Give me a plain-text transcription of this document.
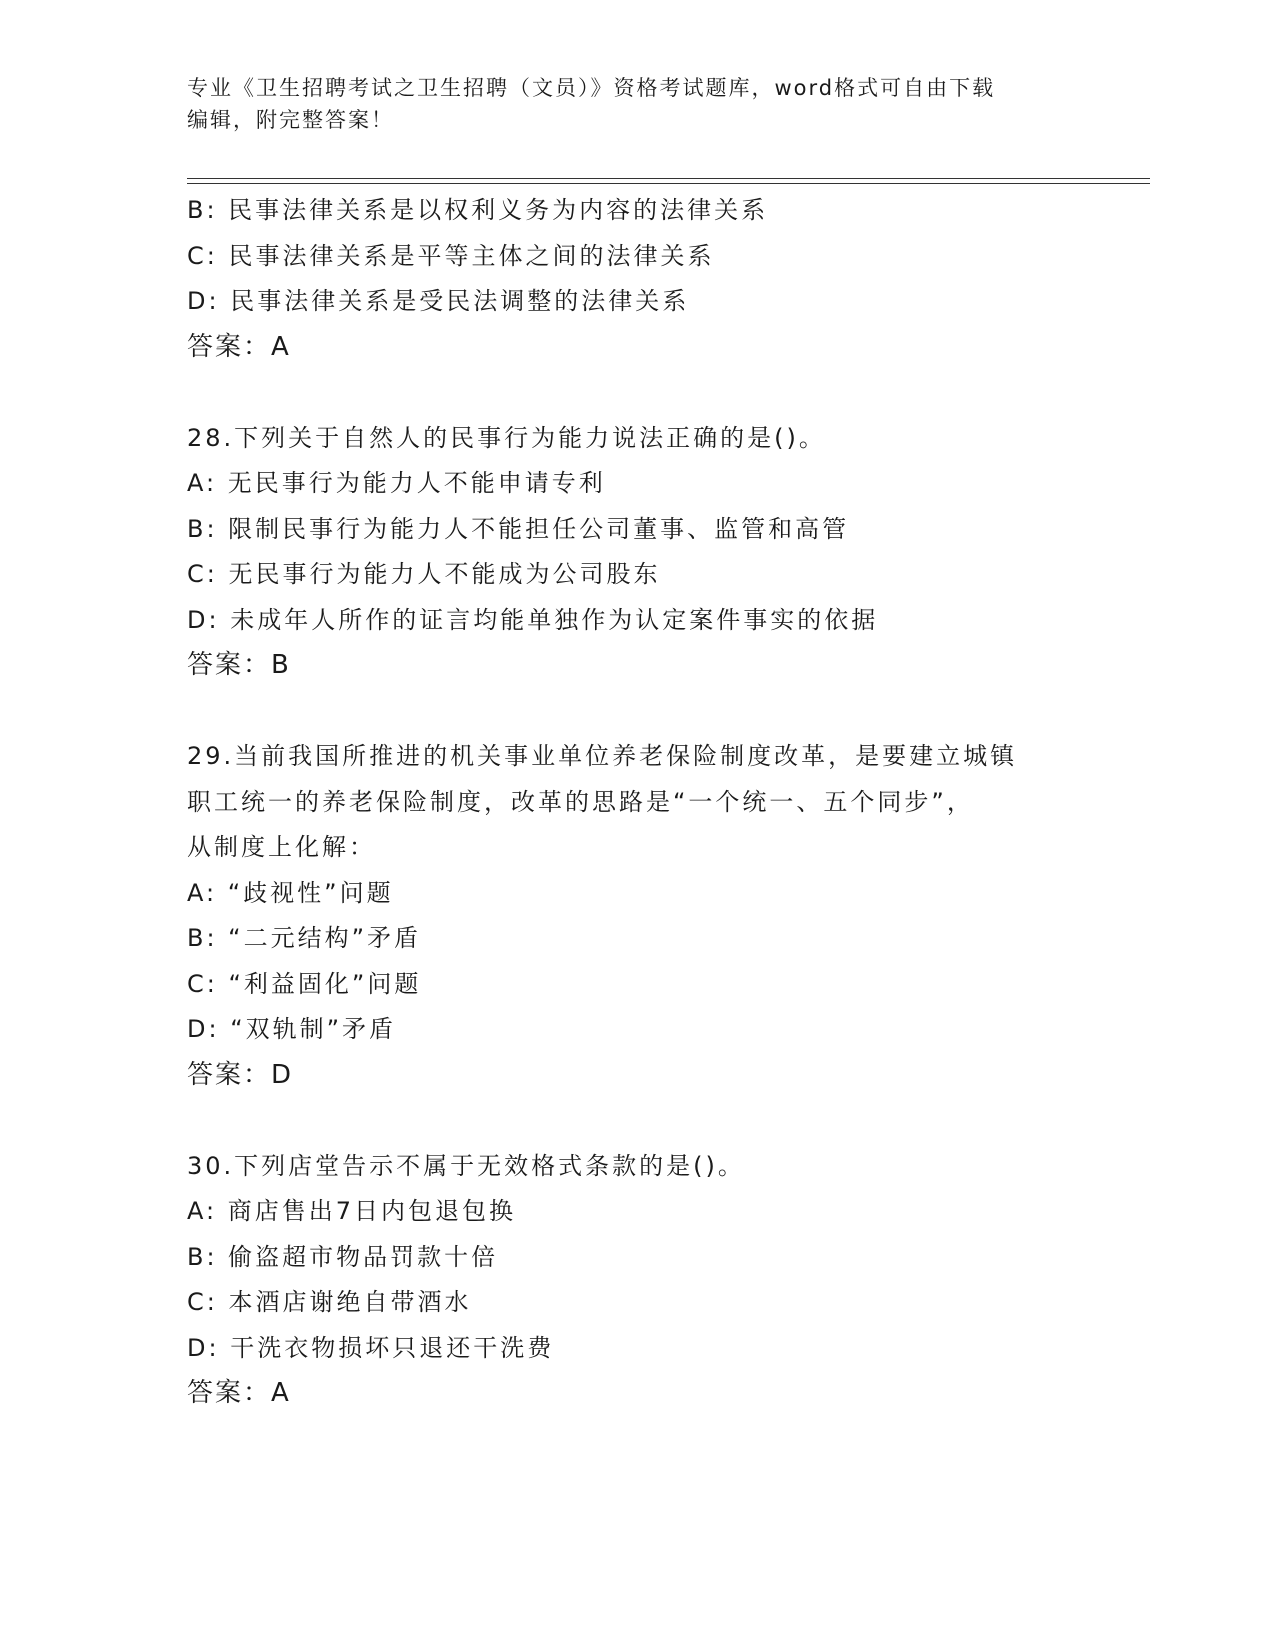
专业《卫生招聘考试之卫生招聘（文员）》资格考试题库，word格式可自由下载
编辑，附完整答案！
B: 民事法律关系是以权利义务为内容的法律关系
C: 民事法律关系是平等主体之间的法律关系
D: 民事法律关系是受民法调整的法律关系
答案：A
28.下列关于自然人的民事行为能力说法正确的是()。
A: 无民事行为能力人不能申请专利
B: 限制民事行为能力人不能担任公司董事、监管和高管
C: 无民事行为能力人不能成为公司股东
D: 未成年人所作的证言均能单独作为认定案件事实的依据
答案：B
29.当前我国所推进的机关事业单位养老保险制度改革，是要建立城镇
职工统一的养老保险制度，改革的思路是“一个统一、五个同步”，
从制度上化解：
A: “歧视性”问题
B: “二元结构”矛盾
C: “利益固化”问题
D: “双轨制”矛盾
答案：D
30.下列店堂告示不属于无效格式条款的是()。
A: 商店售出7日内包退包换
B: 偷盗超市物品罚款十倍
C: 本酒店谢绝自带酒水
D: 干洗衣物损坏只退还干洗费
答案：A
